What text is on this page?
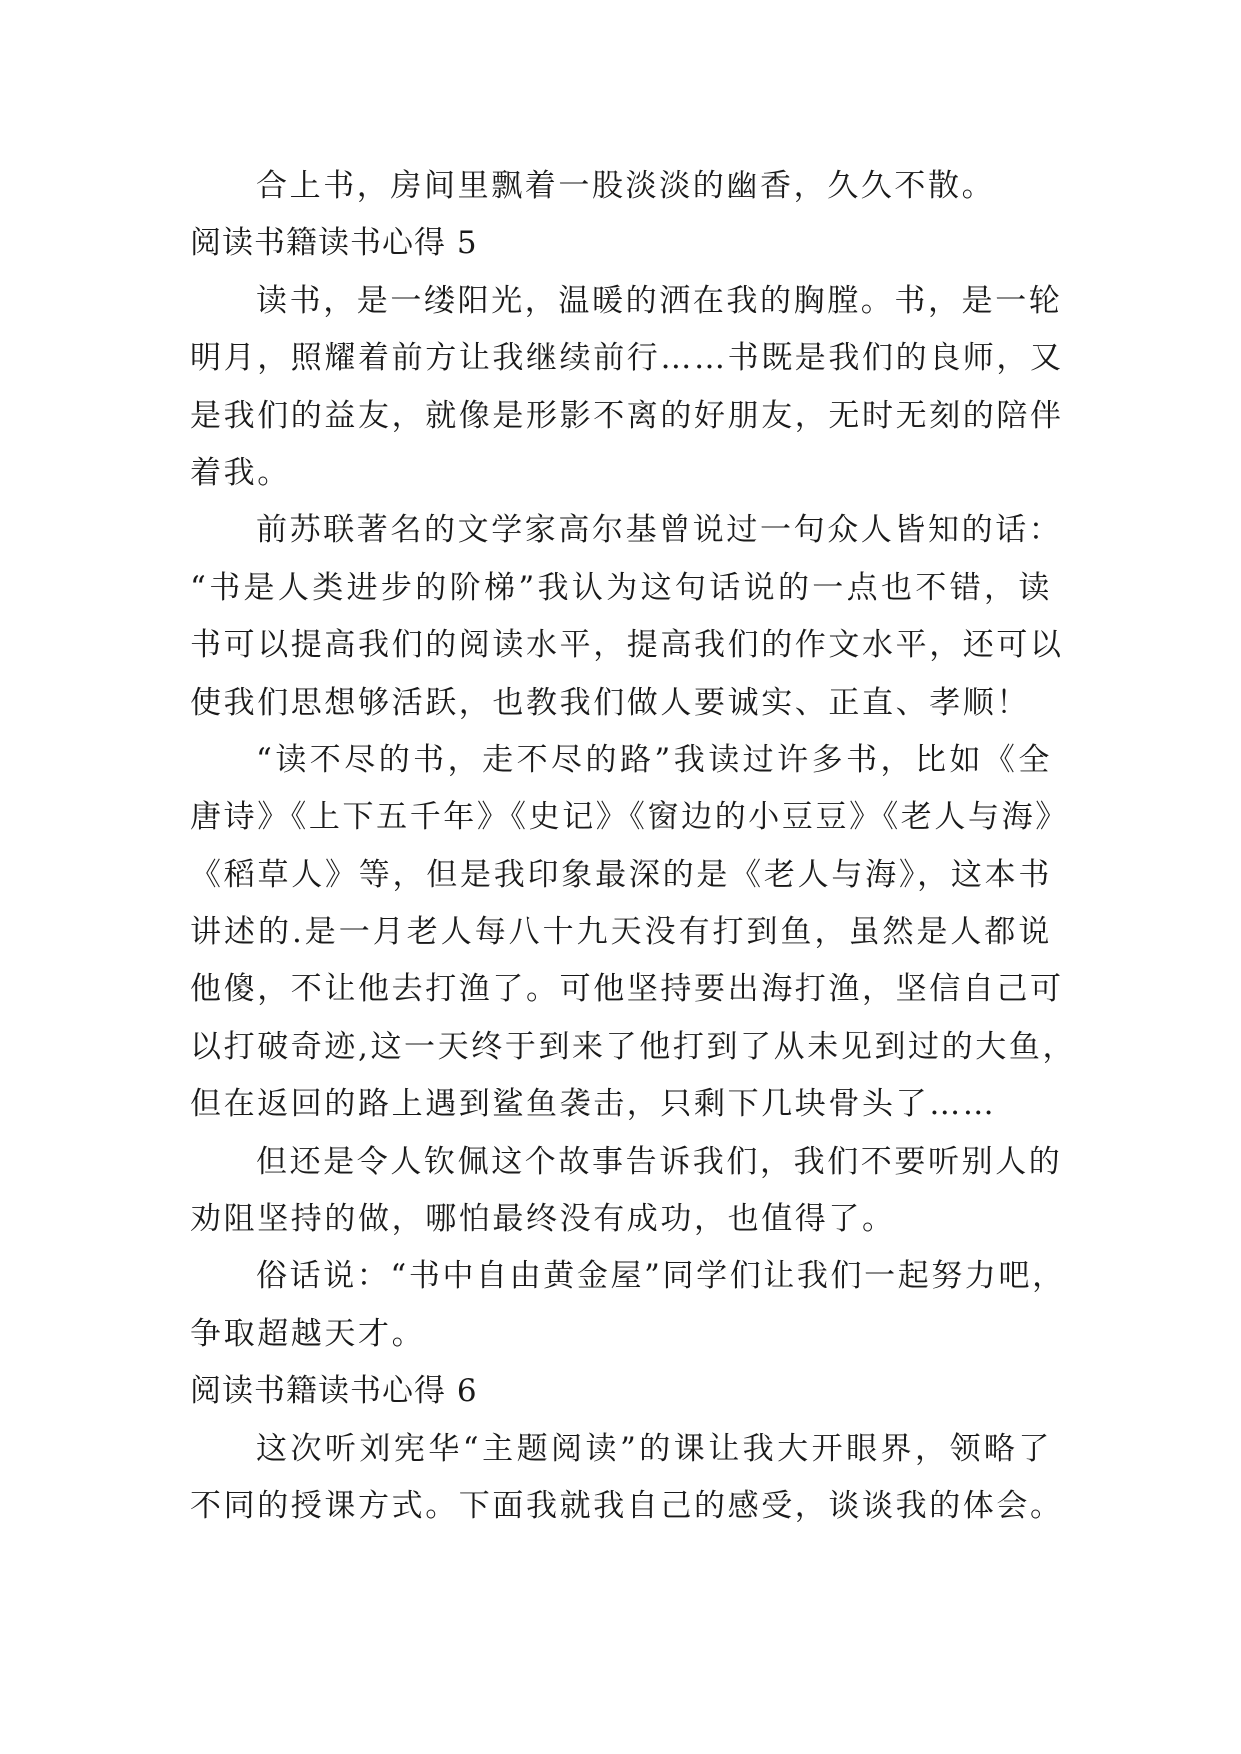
合上书，房间里飘着一股淡淡的幽香，久久不散。
阅读书籍读书心得 5
读书，是一缕阳光，温暖的洒在我的胸膛。书，是一轮
明月，照耀着前方让我继续前行……书既是我们的良师，又
是我们的益友，就像是形影不离的好朋友，无时无刻的陪伴
着我。
前苏联著名的文学家高尔基曾说过一句众人皆知的话：
“书是人类进步的阶梯”我认为这句话说的一点也不错，读
书可以提高我们的阅读水平，提高我们的作文水平，还可以
使我们思想够活跃，也教我们做人要诚实、正直、孝顺！
“读不尽的书，走不尽的路”我读过许多书，比如《全
唐诗》《上下五千年》《史记》《窗边的小豆豆》《老人与海》
《稻草人》等，但是我印象最深的是《老人与海》，这本书
讲述的.是一月老人每八十九天没有打到鱼，虽然是人都说
他傻，不让他去打渔了。可他坚持要出海打渔，坚信自己可
以打破奇迹,这一天终于到来了他打到了从未见到过的大鱼，
但在返回的路上遇到鲨鱼袭击，只剩下几块骨头了……
但还是令人钦佩这个故事告诉我们，我们不要听别人的
劝阻坚持的做，哪怕最终没有成功，也值得了。
俗话说：“书中自由黄金屋”同学们让我们一起努力吧，
争取超越天才。
阅读书籍读书心得 6
这次听刘宪华“主题阅读”的课让我大开眼界，领略了
不同的授课方式。下面我就我自己的感受，谈谈我的体会。
